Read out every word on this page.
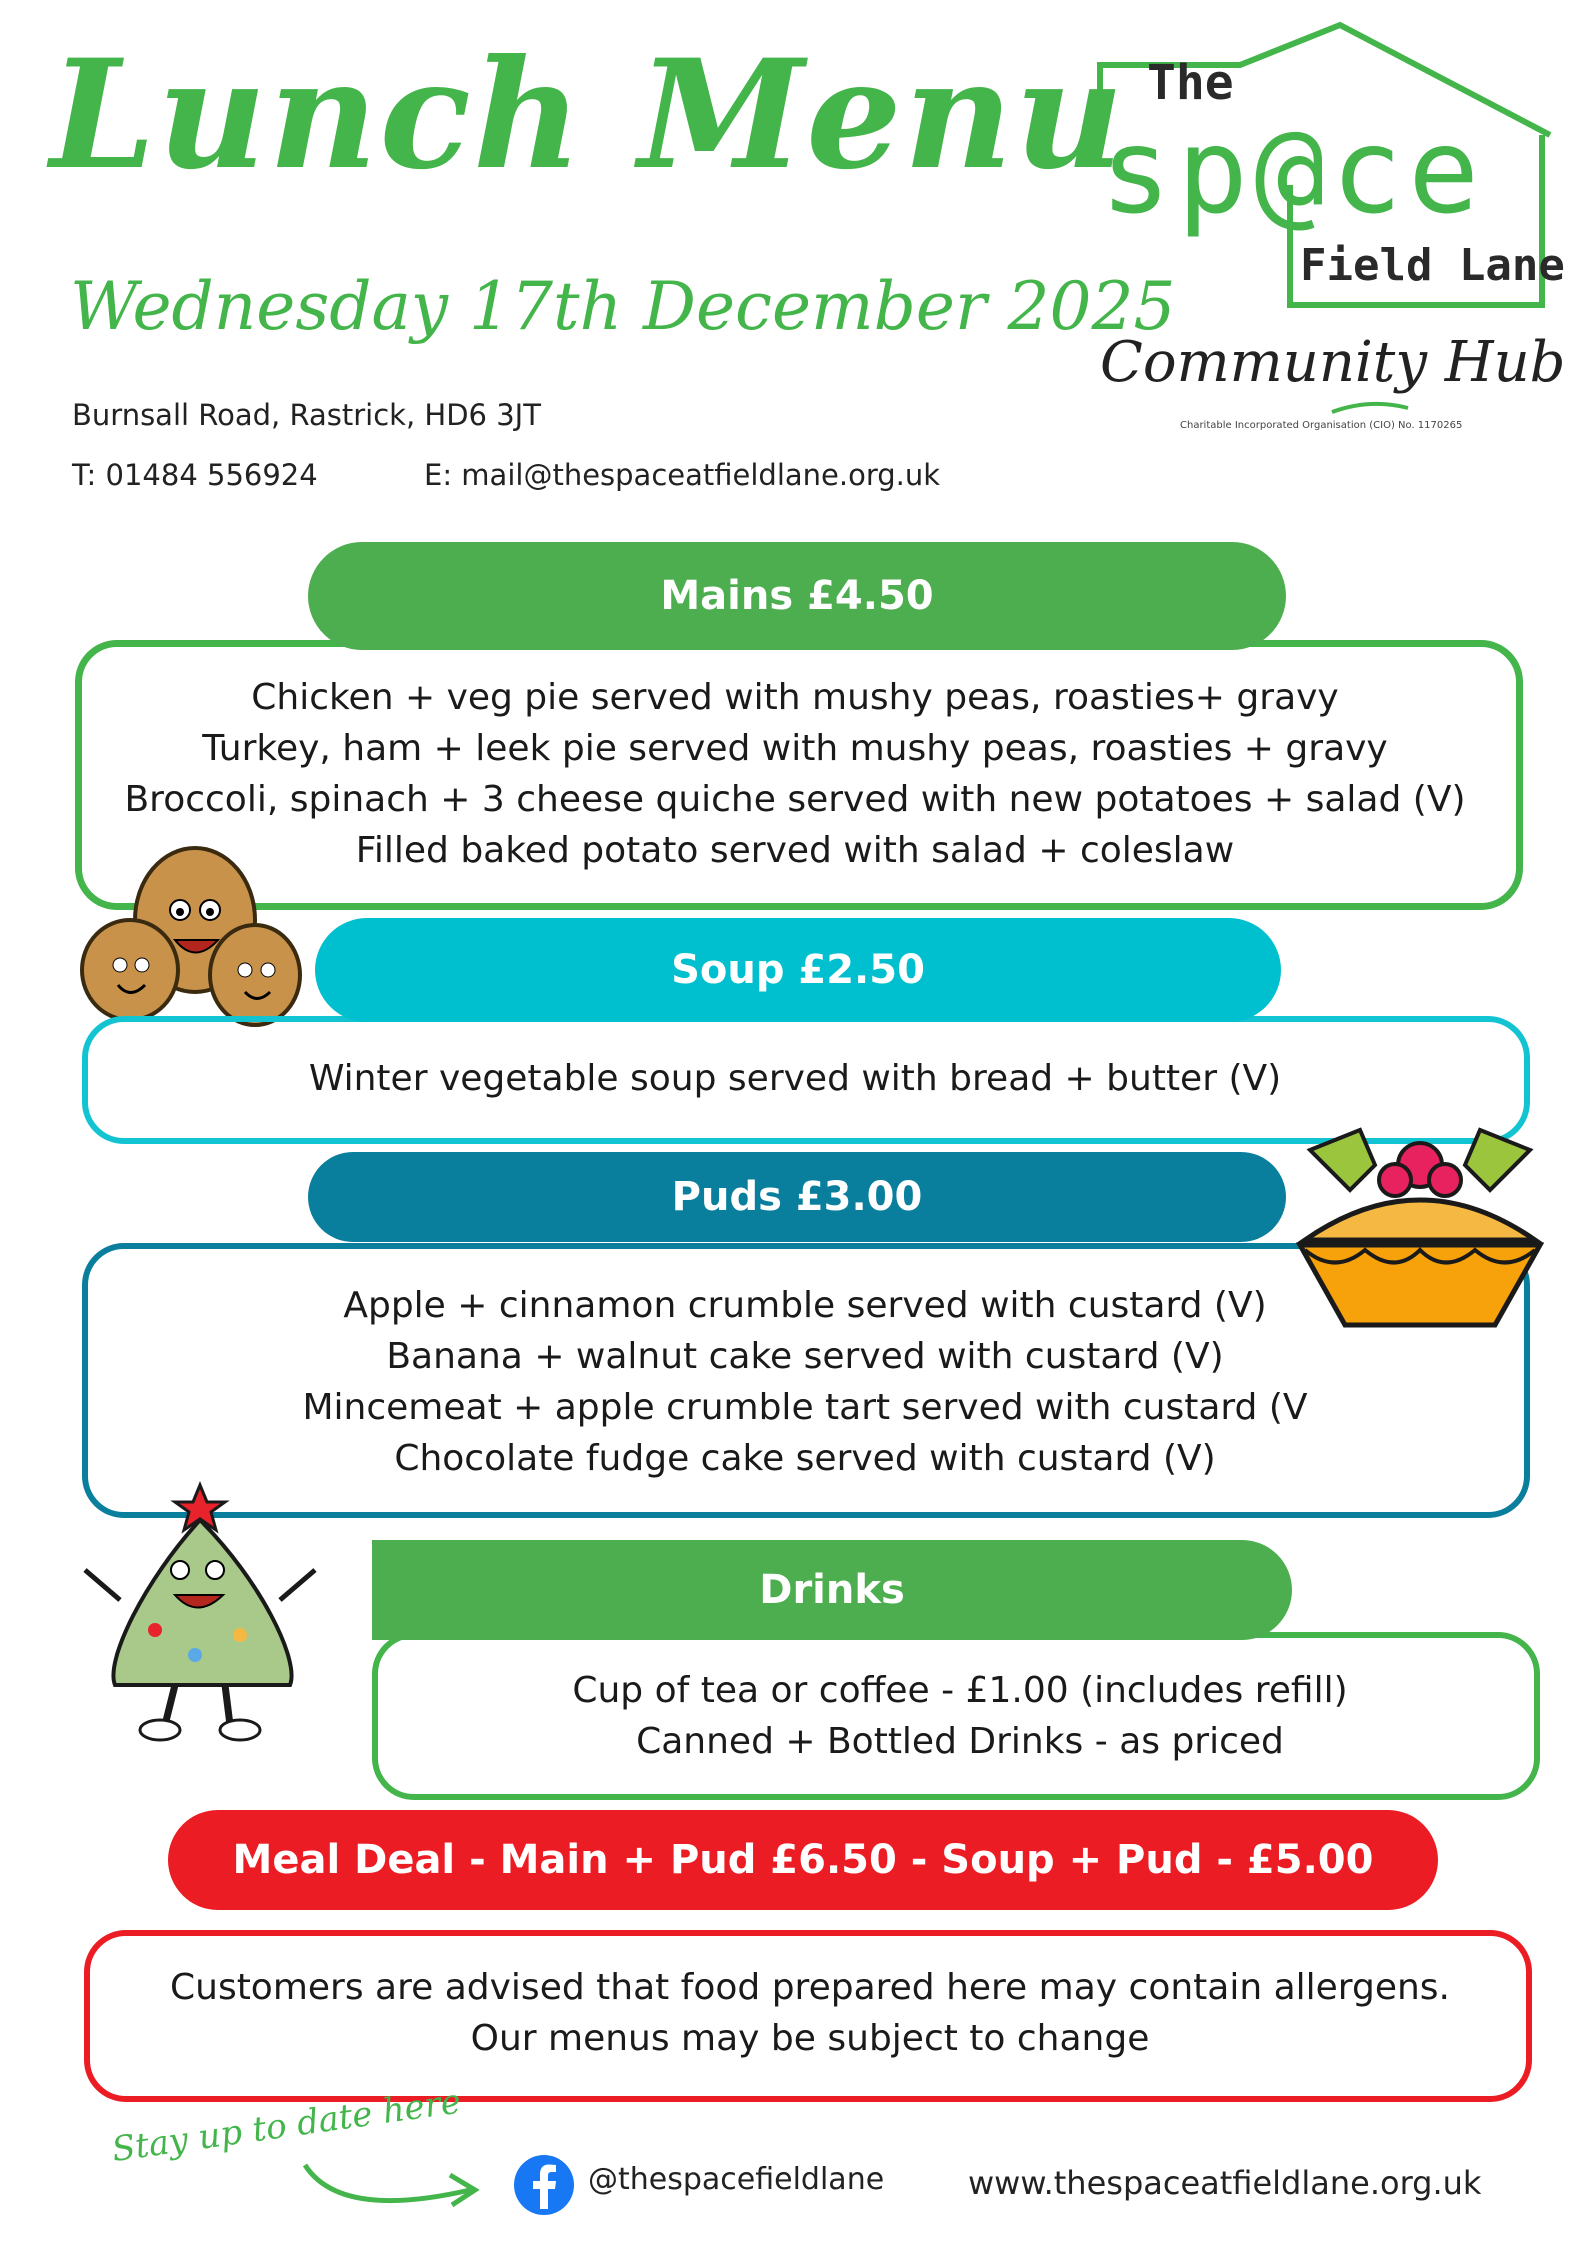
Lunch Menu
Wednesday 17th December 2025
Burnsall Road, Rastrick, HD6 3JT
T: 01484 556924	E: mail@thespaceatfieldlane.org.uk
The
sp@ce
Field Lane
Community Hub
Charitable Incorporated Organisation (CIO) No. 1170265
Mains £4.50
Chicken + veg pie served with mushy peas, roasties+ gravy
Turkey, ham + leek pie served with mushy peas, roasties + gravy
Broccoli, spinach + 3 cheese quiche served with new potatoes + salad (V)
Filled baked potato served with salad + coleslaw
Soup £2.50
Winter vegetable soup served with bread + butter (V)
Puds £3.00
Apple + cinnamon crumble served with custard (V)
Banana + walnut cake served with custard (V)
Mincemeat + apple crumble tart served with custard (V
Chocolate fudge cake served with custard (V)
Drinks
Cup of tea or coffee - £1.00 (includes refill)
Canned + Bottled Drinks - as priced
Meal Deal - Main + Pud £6.50 - Soup + Pud - £5.00
Customers are advised that food prepared here may contain allergens.
Our menus may be subject to change
Stay up to date here
@thespacefieldlane	www.thespaceatfieldlane.org.uk
